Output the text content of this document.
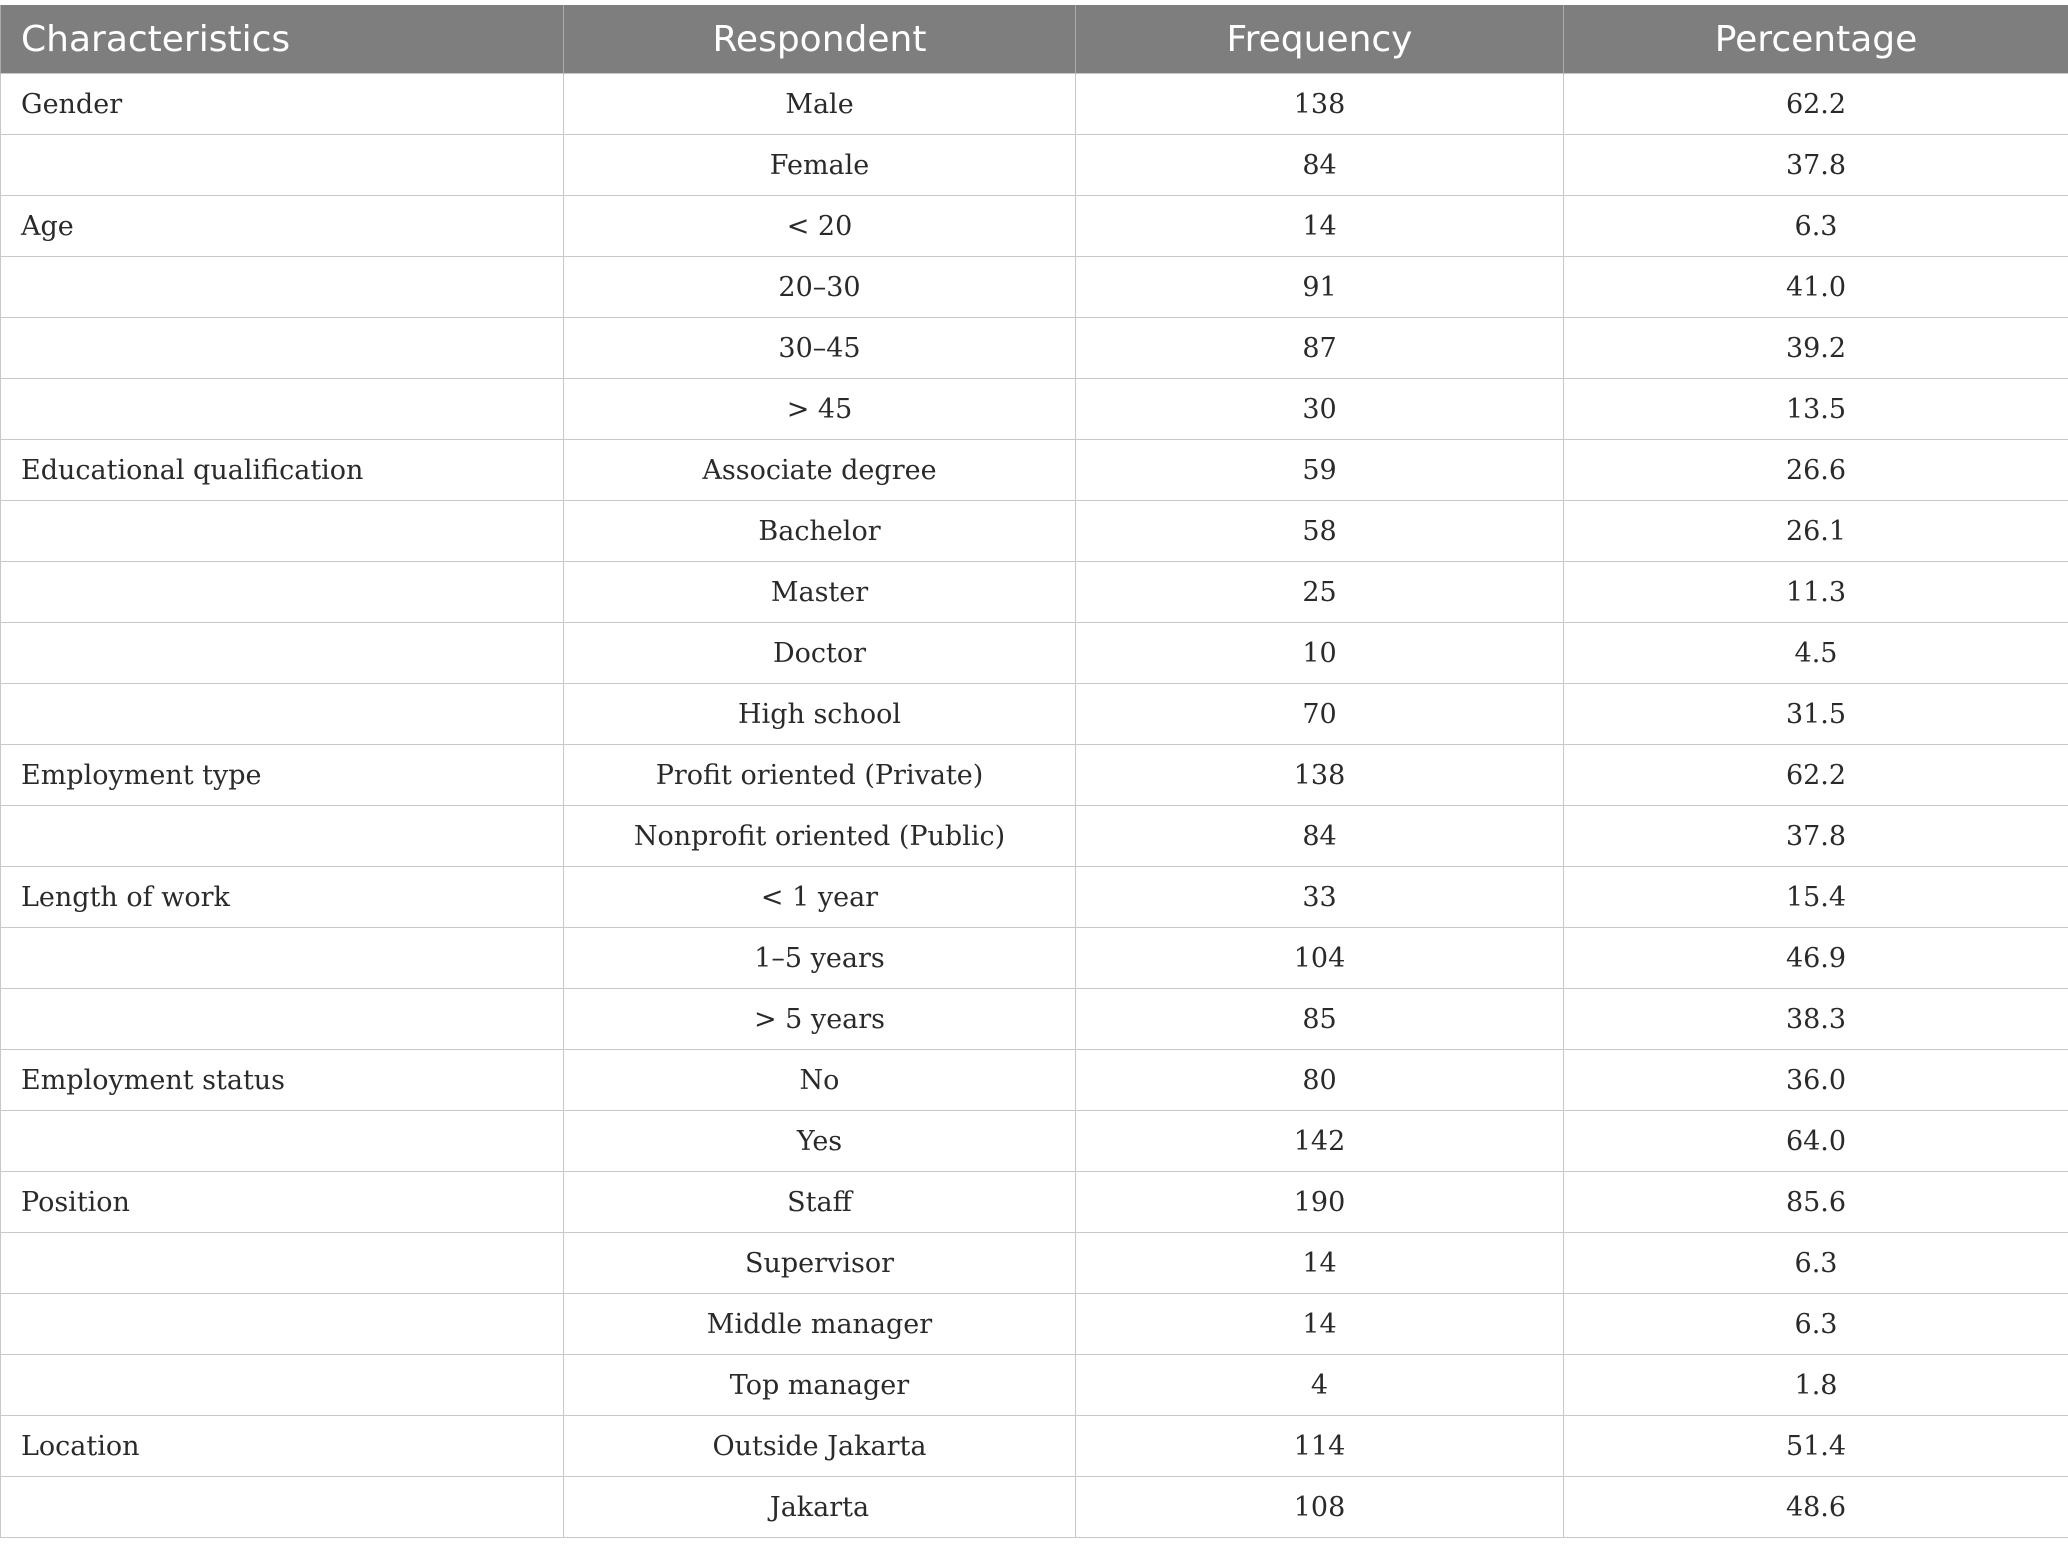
Characteristics	Respondent	Frequency	Percentage
Gender	Male	138	62.2
	Female	84	37.8
Age	< 20	14	6.3
	20–30	91	41.0
	30–45	87	39.2
	> 45	30	13.5
Educational qualification	Associate degree	59	26.6
	Bachelor	58	26.1
	Master	25	11.3
	Doctor	10	4.5
	High school	70	31.5
Employment type	Profit oriented (Private)	138	62.2
	Nonprofit oriented (Public)	84	37.8
Length of work	< 1 year	33	15.4
	1–5 years	104	46.9
	> 5 years	85	38.3
Employment status	No	80	36.0
	Yes	142	64.0
Position	Staff	190	85.6
	Supervisor	14	6.3
	Middle manager	14	6.3
	Top manager	4	1.8
Location	Outside Jakarta	114	51.4
	Jakarta	108	48.6
